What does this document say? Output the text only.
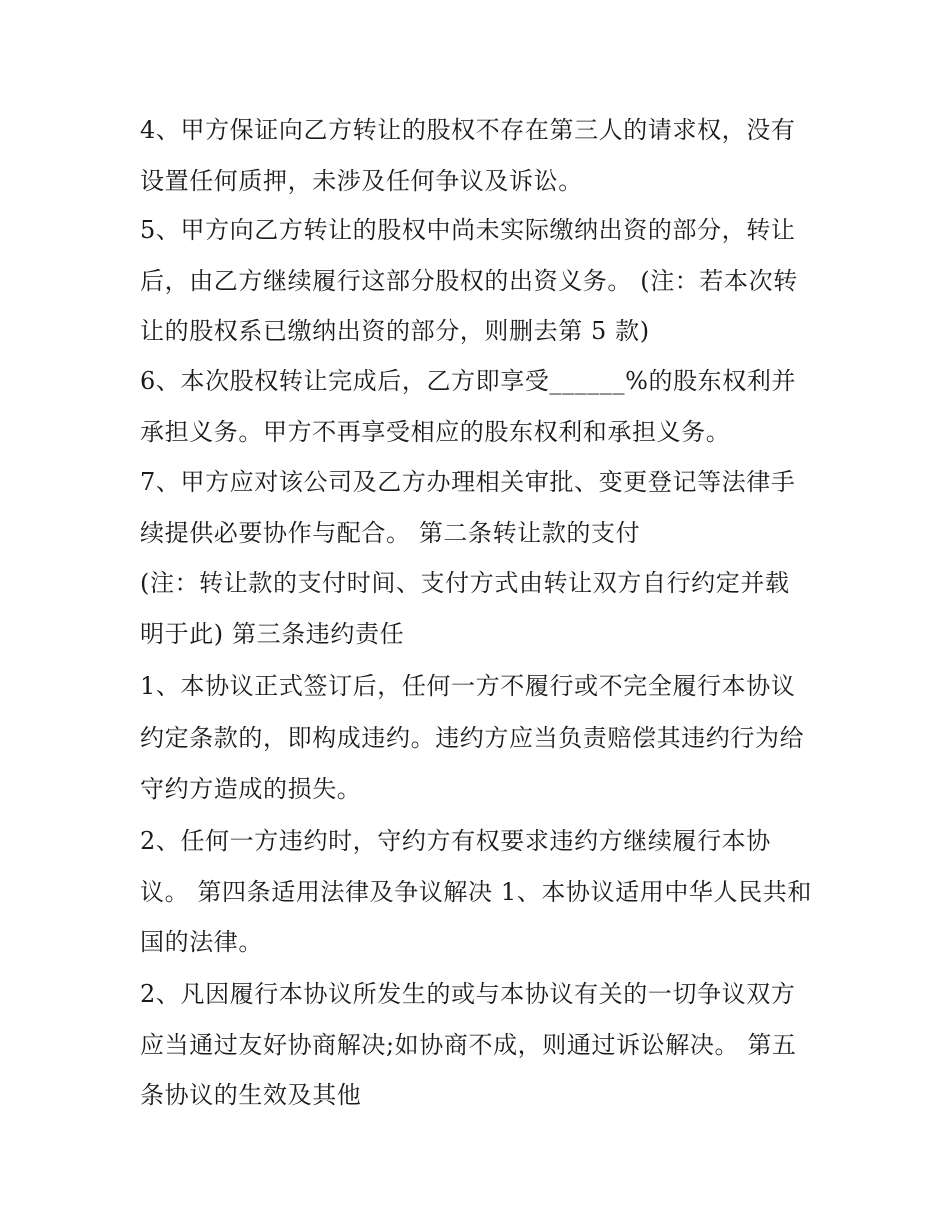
4、甲方保证向乙方转让的股权不存在第三人的请求权，没有
设置任何质押，未涉及任何争议及诉讼。
5、甲方向乙方转让的股权中尚未实际缴纳出资的部分，转让
后，由乙方继续履行这部分股权的出资义务。 (注：若本次转
让的股权系已缴纳出资的部分，则删去第 5 款)
6、本次股权转让完成后，乙方即享受______%的股东权利并
承担义务。甲方不再享受相应的股东权利和承担义务。
7、甲方应对该公司及乙方办理相关审批、变更登记等法律手
续提供必要协作与配合。 第二条转让款的支付
(注：转让款的支付时间、支付方式由转让双方自行约定并载
明于此) 第三条违约责任
1、本协议正式签订后，任何一方不履行或不完全履行本协议
约定条款的，即构成违约。违约方应当负责赔偿其违约行为给
守约方造成的损失。
2、任何一方违约时，守约方有权要求违约方继续履行本协
议。 第四条适用法律及争议解决 1、本协议适用中华人民共和
国的法律。
2、凡因履行本协议所发生的或与本协议有关的一切争议双方
应当通过友好协商解决;如协商不成，则通过诉讼解决。 第五
条协议的生效及其他
